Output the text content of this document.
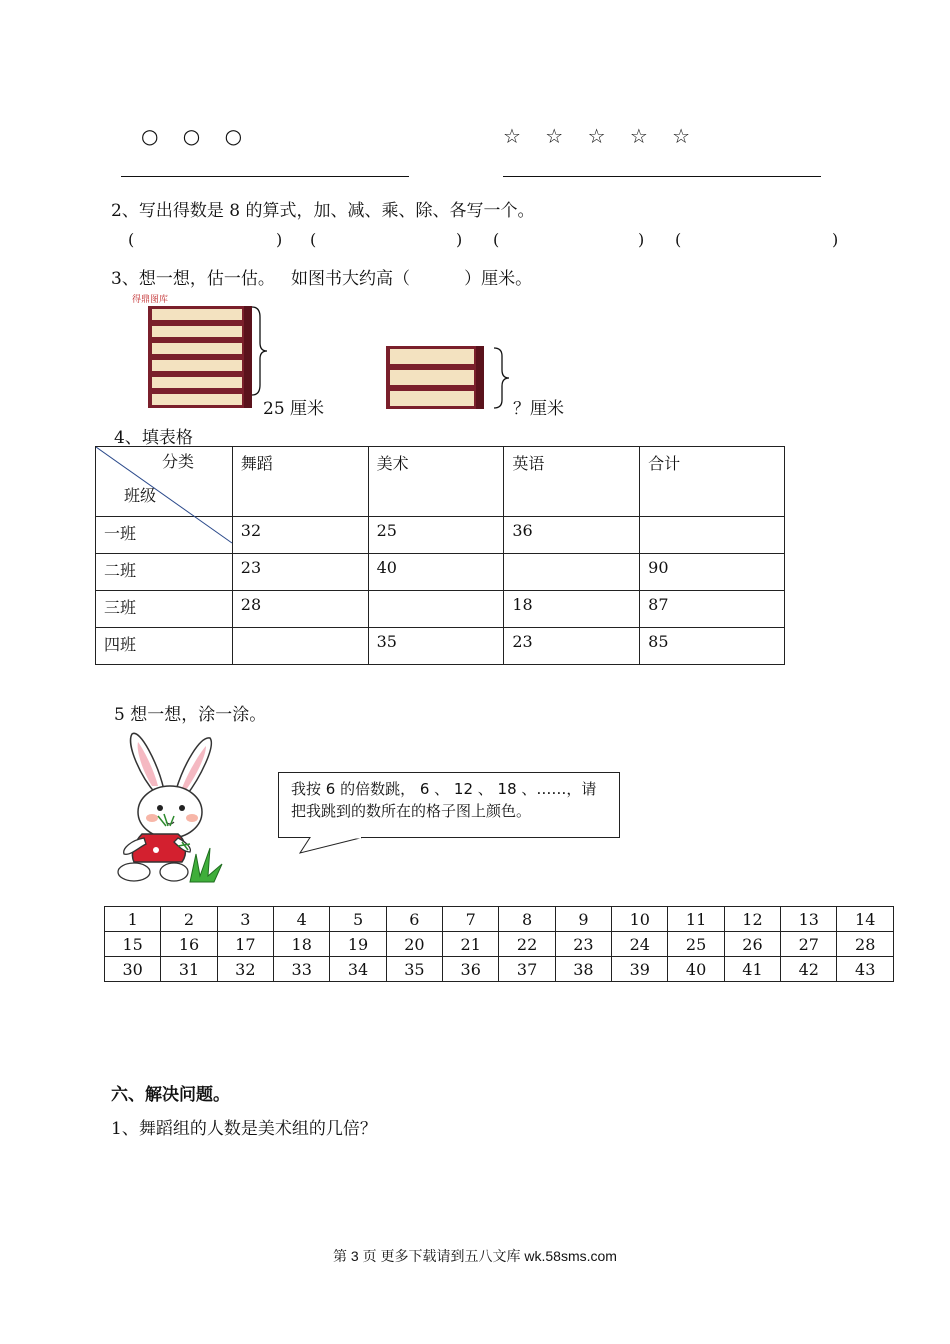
○ ○ ○	☆ ☆ ☆ ☆ ☆
2、写出得数是 8 的算式，加、减、乘、除、各写一个。
(	) (	) (	) (	)
3、想一想，估一估。   如图书大约高（          ）厘米。
得鼎图库
25 厘米	？厘米
4、填表格
分类
班级	舞蹈	美术	英语	合计
一班	32	25	36	
二班	23	40		90
三班	28		18	87
四班		35	23	85
5 想一想，涂一涂。
我按 6 的倍数跳， 6 、 12 、 18 、……，请
把我跳到的数所在的格子图上颜色。
1	2	3	4	5	6	7	8	9	10	11	12	13	14
15	16	17	18	19	20	21	22	23	24	25	26	27	28
30	31	32	33	34	35	36	37	38	39	40	41	42	43
六、解决问题。
1、舞蹈组的人数是美术组的几倍？
第 3 页 更多下载请到五八文库 wk.58sms.com
